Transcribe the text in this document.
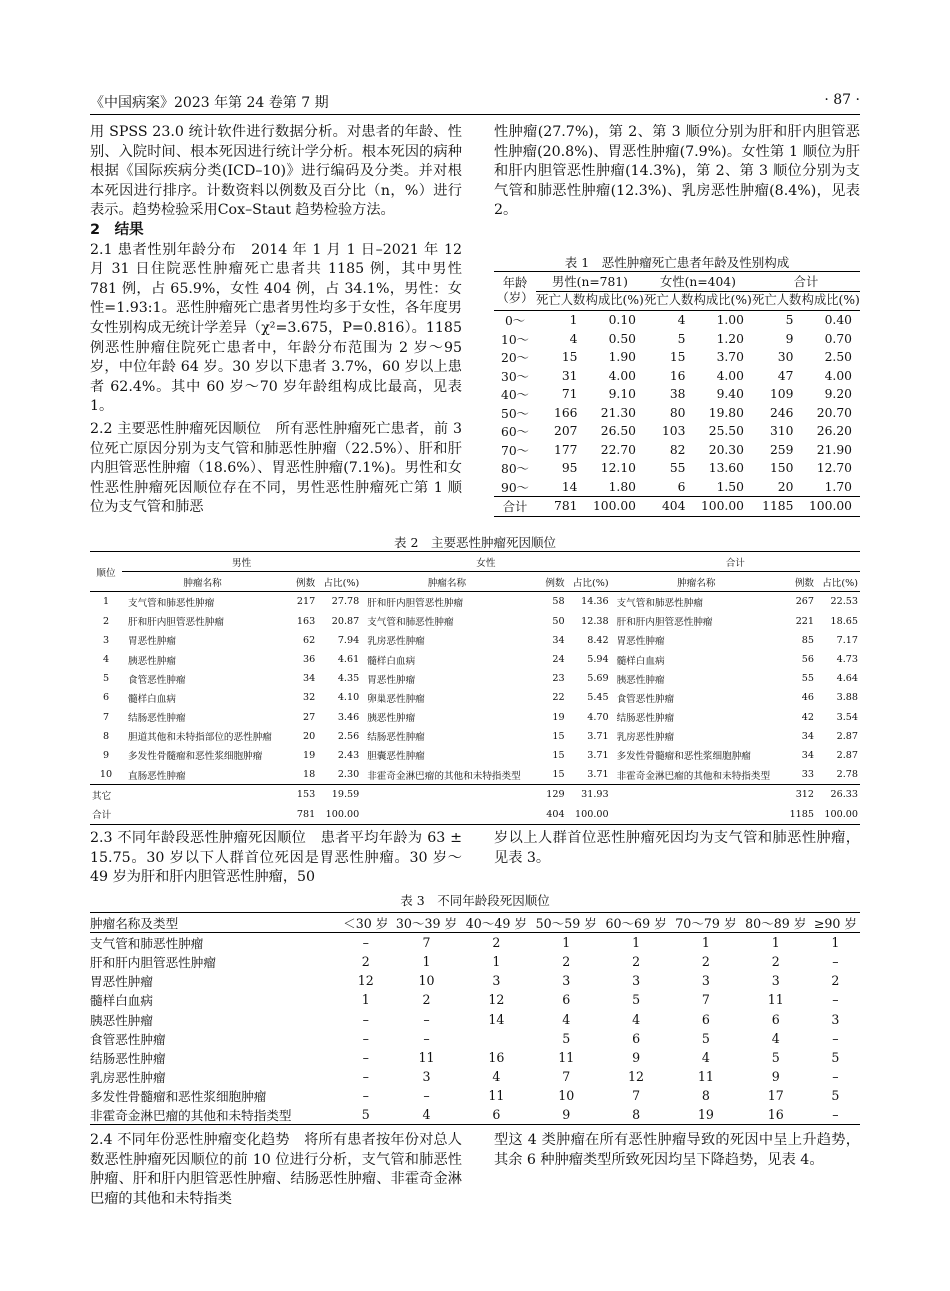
《中国病案》2023 年第 24 卷第 7 期	· 87 ·

用 SPSS 23.0 统计软件进行数据分析。对患者的年龄、性别、入院时间、根本死因进行统计学分析。根本死因的病种根据《国际疾病分类(ICD–10)》进行编码及分类。并对根本死因进行排序。计数资料以例数及百分比（n，%）进行表示。趋势检验采用Cox–Staut 趋势检验方法。

2　结果

2.1 患者性别年龄分布　2014 年 1 月 1 日–2021 年 12 月 31 日住院恶性肿瘤死亡患者共 1185 例，其中男性 781 例，占 65.9%，女性 404 例，占 34.1%，男性：女性=1.93:1。恶性肿瘤死亡患者男性均多于女性，各年度男女性别构成无统计学差异（χ²=3.675，P=0.816）。1185 例恶性肿瘤住院死亡患者中，年龄分布范围为 2 岁～95 岁，中位年龄 64 岁。30 岁以下患者 3.7%，60 岁以上患者 62.4%。其中 60 岁～70 岁年龄组构成比最高，见表 1。

2.2 主要恶性肿瘤死因顺位　所有恶性肿瘤死亡患者，前 3 位死亡原因分别为支气管和肺恶性肿瘤（22.5%）、肝和肝内胆管恶性肿瘤（18.6%）、胃恶性肿瘤(7.1%)。男性和女性恶性肿瘤死因顺位存在不同，男性恶性肿瘤死亡第 1 顺位为支气管和肺恶

性肿瘤(27.7%)，第 2、第 3 顺位分别为肝和肝内胆管恶性肿瘤(20.8%)、胃恶性肿瘤(7.9%)。女性第 1 顺位为肝和肝内胆管恶性肿瘤(14.3%)，第 2、第 3 顺位分别为支气管和肺恶性肿瘤(12.3%)、乳房恶性肿瘤(8.4%)，见表 2。

表 1　恶性肿瘤死亡患者年龄及性别构成
年龄（岁）	男性(n=781)		女性(n=404)		合计	
	死亡人数	构成比(%)	死亡人数	构成比(%)	死亡人数	构成比(%)
0～	1	0.10	4	1.00	5	0.40
10～	4	0.50	5	1.20	9	0.70
20～	15	1.90	15	3.70	30	2.50
30～	31	4.00	16	4.00	47	4.00
40～	71	9.10	38	9.40	109	9.20
50～	166	21.30	80	19.80	246	20.70
60～	207	26.50	103	25.50	310	26.20
70～	177	22.70	82	20.30	259	21.90
80～	95	12.10	55	13.60	150	12.70
90～	14	1.80	6	1.50	20	1.70
合计	781	100.00	404	100.00	1185	100.00
表 2　主要恶性肿瘤死因顺位
顺位	男性			女性			合计		
	肿瘤名称	例数	占比(%)	肿瘤名称	例数	占比(%)	肿瘤名称	例数	占比(%)
1	支气管和肺恶性肿瘤	217	27.78	肝和肝内胆管恶性肿瘤	58	14.36	支气管和肺恶性肿瘤	267	22.53
2	肝和肝内胆管恶性肿瘤	163	20.87	支气管和肺恶性肿瘤	50	12.38	肝和肝内胆管恶性肿瘤	221	18.65
3	胃恶性肿瘤	62	7.94	乳房恶性肿瘤	34	8.42	胃恶性肿瘤	85	7.17
4	胰恶性肿瘤	36	4.61	髓样白血病	24	5.94	髓样白血病	56	4.73
5	食管恶性肿瘤	34	4.35	胃恶性肿瘤	23	5.69	胰恶性肿瘤	55	4.64
6	髓样白血病	32	4.10	卵巢恶性肿瘤	22	5.45	食管恶性肿瘤	46	3.88
7	结肠恶性肿瘤	27	3.46	胰恶性肿瘤	19	4.70	结肠恶性肿瘤	42	3.54
8	胆道其他和未特指部位的恶性肿瘤	20	2.56	结肠恶性肿瘤	15	3.71	乳房恶性肿瘤	34	2.87
9	多发性骨髓瘤和恶性浆细胞肿瘤	19	2.43	胆囊恶性肿瘤	15	3.71	多发性骨髓瘤和恶性浆细胞肿瘤	34	2.87
10	直肠恶性肿瘤	18	2.30	非霍奇金淋巴瘤的其他和未特指类型	15	3.71	非霍奇金淋巴瘤的其他和未特指类型	33	2.78
其它		153	19.59		129	31.93		312	26.33
合计		781	100.00		404	100.00		1185	100.00
2.3 不同年龄段恶性肿瘤死因顺位　患者平均年龄为 63 ± 15.75。30 岁以下人群首位死因是胃恶性肿瘤。30 岁～49 岁为肝和肝内胆管恶性肿瘤，50
岁以上人群首位恶性肿瘤死因均为支气管和肺恶性肿瘤，见表 3。
表 3　不同年龄段死因顺位
肿瘤名称及类型	＜30 岁	30～39 岁	40～49 岁	50～59 岁	60～69 岁	70～79 岁	80～89 岁	≥90 岁
支气管和肺恶性肿瘤	–	7	2	1	1	1	1	1
肝和肝内胆管恶性肿瘤	2	1	1	2	2	2	2	–
胃恶性肿瘤	12	10	3	3	3	3	3	2
髓样白血病	1	2	12	6	5	7	11	–
胰恶性肿瘤	–	–	14	4	4	6	6	3
食管恶性肿瘤	–	–		5	6	5	4	–
结肠恶性肿瘤	–	11	16	11	9	4	5	5
乳房恶性肿瘤	–	3	4	7	12	11	9	–
多发性骨髓瘤和恶性浆细胞肿瘤	–	–	11	10	7	8	17	5
非霍奇金淋巴瘤的其他和未特指类型	5	4	6	9	8	19	16	–
2.4 不同年份恶性肿瘤变化趋势　将所有患者按年份对总人数恶性肿瘤死因顺位的前 10 位进行分析，支气管和肺恶性肿瘤、肝和肝内胆管恶性肿瘤、结肠恶性肿瘤、非霍奇金淋巴瘤的其他和未特指类
型这 4 类肿瘤在所有恶性肿瘤导致的死因中呈上升趋势，其余 6 种肿瘤类型所致死因均呈下降趋势，见表 4。
